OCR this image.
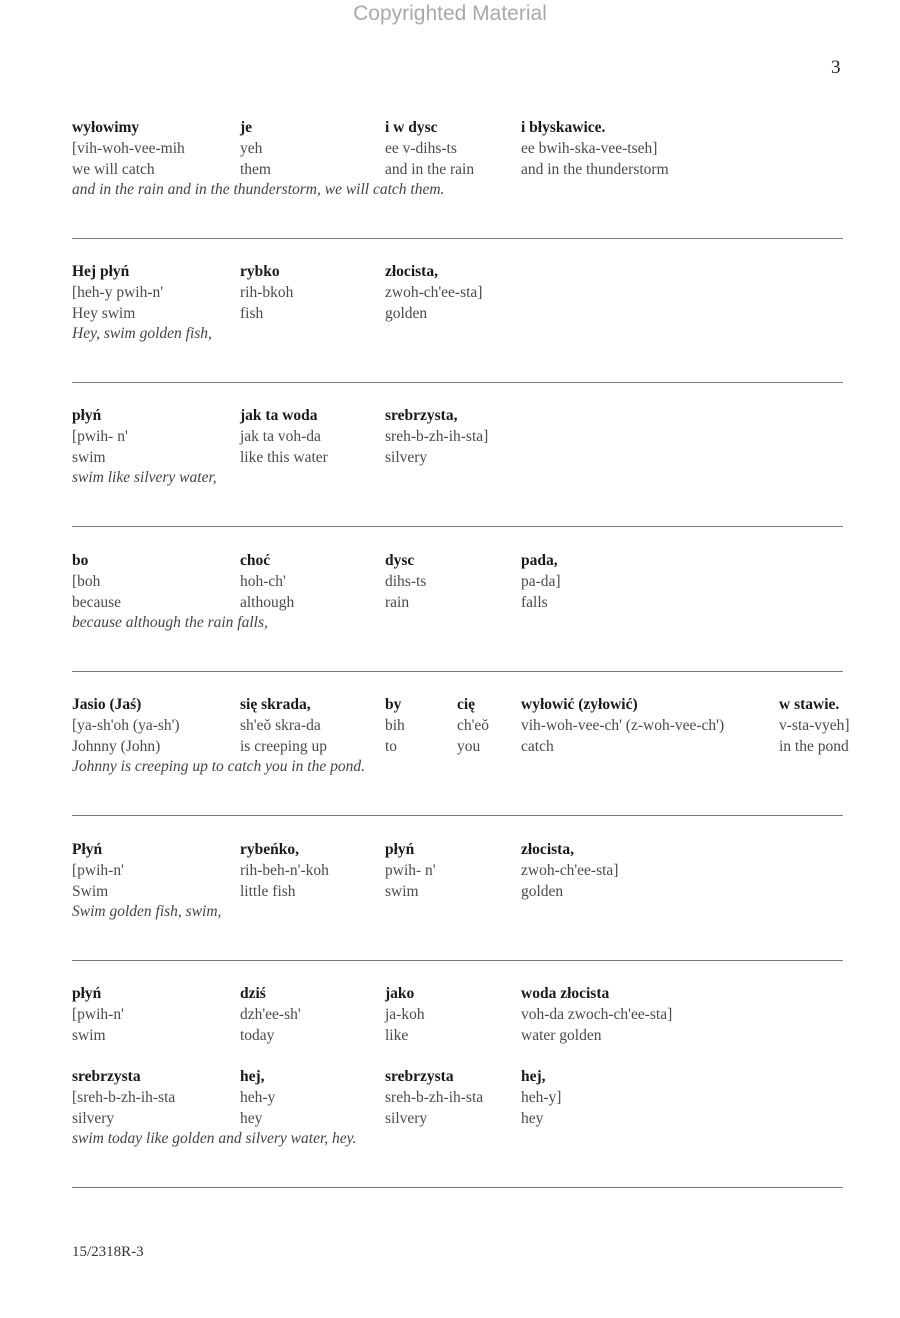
Copyrighted Material
3
wyłowimy
[vih-woh-vee-mih
we will catch
je
yeh
them
i w dysc
ee v-dihs-ts
and in the rain
i błyskawice.
ee bwih-ska-vee-tseh]
and in the thunderstorm
and in the rain and in the thunderstorm, we will catch them.
Hej płyń
[heh-y pwih-n'
Hey swim
rybko
rih-bkoh
fish
złocista,
zwoh-ch'ee-sta]
golden
Hey, swim golden fish,
płyń
[pwih- n'
swim
jak ta woda
jak ta voh-da
like this water
srebrzysta,
sreh-b-zh-ih-sta]
silvery
swim like silvery water,
bo
[boh
because
choć
hoh-ch'
although
dysc
dihs-ts
rain
pada,
pa-da]
falls
because although the rain falls,
Jasio (Jaś)
[ya-sh'oh (ya-sh')
Johnny (John)
się skrada,
sh'eŏ skra-da
is creeping up
by
bih
to
cię
ch'eŏ
you
wyłowić (zyłowić)
vih-woh-vee-ch' (z-woh-vee-ch')
catch
w stawie.
v-sta-vyeh]
in the pond
Johnny is creeping up to catch you in the pond.
Płyń
[pwih-n'
Swim
rybeńko,
rih-beh-n'-koh
little fish
płyń
pwih- n'
swim
złocista,
zwoh-ch'ee-sta]
golden
Swim golden fish, swim,
płyń
[pwih-n'
swim
dziś
dzh'ee-sh'
today
jako
ja-koh
like
woda złocista
voh-da zwoch-ch'ee-sta]
water golden
srebrzysta
[sreh-b-zh-ih-sta
silvery
hej,
heh-y
hey
srebrzysta
sreh-b-zh-ih-sta
silvery
hej,
heh-y]
hey
swim today like golden and silvery water, hey.
15/2318R-3
